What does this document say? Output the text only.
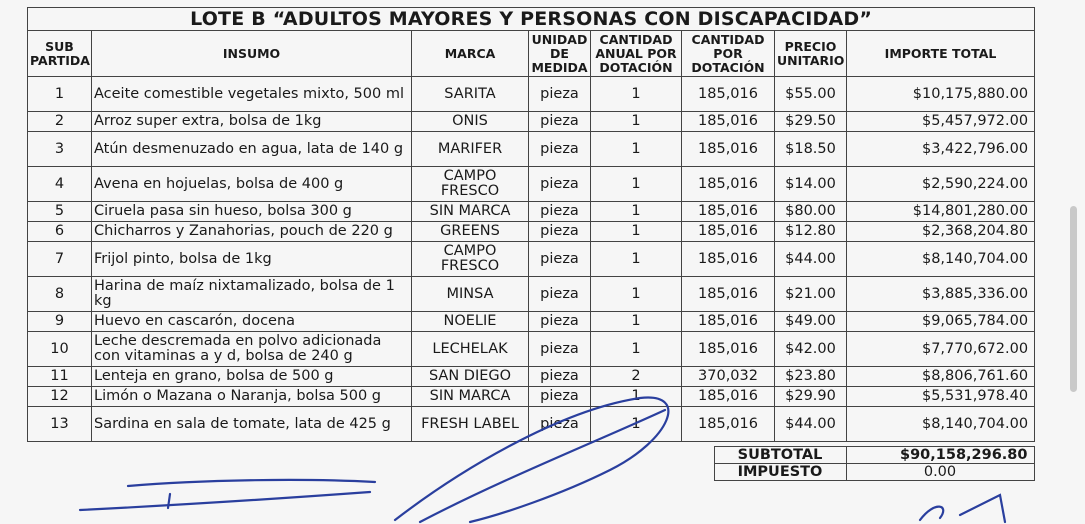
LOTE B “ADULTOS MAYORES Y PERSONAS CON DISCAPACIDAD”							
SUB PARTIDA	INSUMO	MARCA	UNIDAD DE MEDIDA	CANTIDAD ANUAL POR DOTACIÓN	CANTIDAD POR DOTACIÓN	PRECIO UNITARIO	IMPORTE TOTAL
1	Aceite comestible vegetales mixto, 500 ml	SARITA	pieza	1	185,016	$55.00	$10,175,880.00
2	Arroz super extra, bolsa de 1kg	ONIS	pieza	1	185,016	$29.50	$5,457,972.00
3	Atún desmenuzado en agua, lata de 140 g	MARIFER	pieza	1	185,016	$18.50	$3,422,796.00
4	Avena en hojuelas, bolsa de 400 g	CAMPO FRESCO	pieza	1	185,016	$14.00	$2,590,224.00
5	Ciruela pasa sin hueso, bolsa 300 g	SIN MARCA	pieza	1	185,016	$80.00	$14,801,280.00
6	Chicharros y Zanahorias, pouch de 220 g	GREENS	pieza	1	185,016	$12.80	$2,368,204.80
7	Frijol pinto, bolsa de 1kg	CAMPO FRESCO	pieza	1	185,016	$44.00	$8,140,704.00
8	Harina de maíz nixtamalizado, bolsa de 1 kg	MINSA	pieza	1	185,016	$21.00	$3,885,336.00
9	Huevo en cascarón, docena	NOELIE	pieza	1	185,016	$49.00	$9,065,784.00
10	Leche descremada en polvo adicionada con vitaminas a y d, bolsa de 240 g	LECHELAK	pieza	1	185,016	$42.00	$7,770,672.00
11	Lenteja en grano, bolsa de 500 g	SAN DIEGO	pieza	2	370,032	$23.80	$8,806,761.60
12	Limón o Mazana o Naranja, bolsa 500 g	SIN MARCA	pieza	1	185,016	$29.90	$5,531,978.40
13	Sardina en sala de tomate, lata de 425 g	FRESH LABEL	pieza	1	185,016	$44.00	$8,140,704.00
	SUBTOTAL	$90,158,296.80
	IMPUESTO	0.00
